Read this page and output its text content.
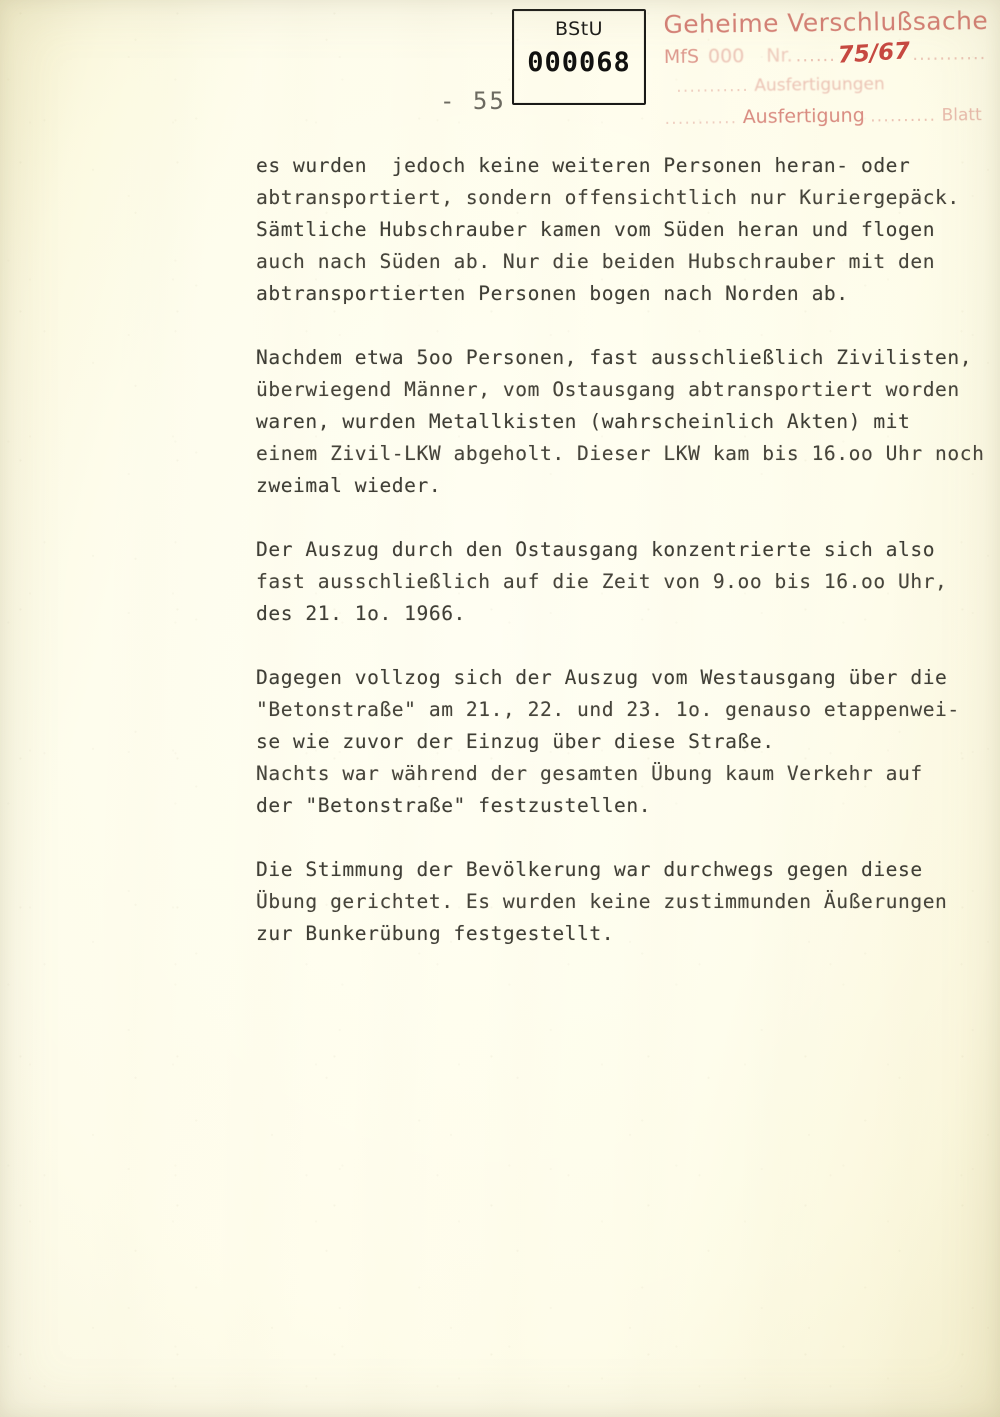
- 55
BStU
000068
Geheime Verschlußsache
MfS 000 Nr. ...... 75/67 ...........
........... Ausfertigungen
........... Ausfertigung .......... Blatt
es wurden  jedoch keine weiteren Personen heran- oder
abtransportiert, sondern offensichtlich nur Kuriergepäck.
Sämtliche Hubschrauber kamen vom Süden heran und flogen
auch nach Süden ab. Nur die beiden Hubschrauber mit den
abtransportierten Personen bogen nach Norden ab.
Nachdem etwa 5oo Personen, fast ausschließlich Zivilisten,
überwiegend Männer, vom Ostausgang abtransportiert worden
waren, wurden Metallkisten (wahrscheinlich Akten) mit
einem Zivil-LKW abgeholt. Dieser LKW kam bis 16.oo Uhr noch
zweimal wieder.
Der Auszug durch den Ostausgang konzentrierte sich also
fast ausschließlich auf die Zeit von 9.oo bis 16.oo Uhr,
des 21. 1o. 1966.
Dagegen vollzog sich der Auszug vom Westausgang über die
"Betonstraße" am 21., 22. und 23. 1o. genauso etappenwei-
se wie zuvor der Einzug über diese Straße.
Nachts war während der gesamten Übung kaum Verkehr auf
der "Betonstraße" festzustellen.
Die Stimmung der Bevölkerung war durchwegs gegen diese
Übung gerichtet. Es wurden keine zustimmunden Äußerungen
zur Bunkerübung festgestellt.
